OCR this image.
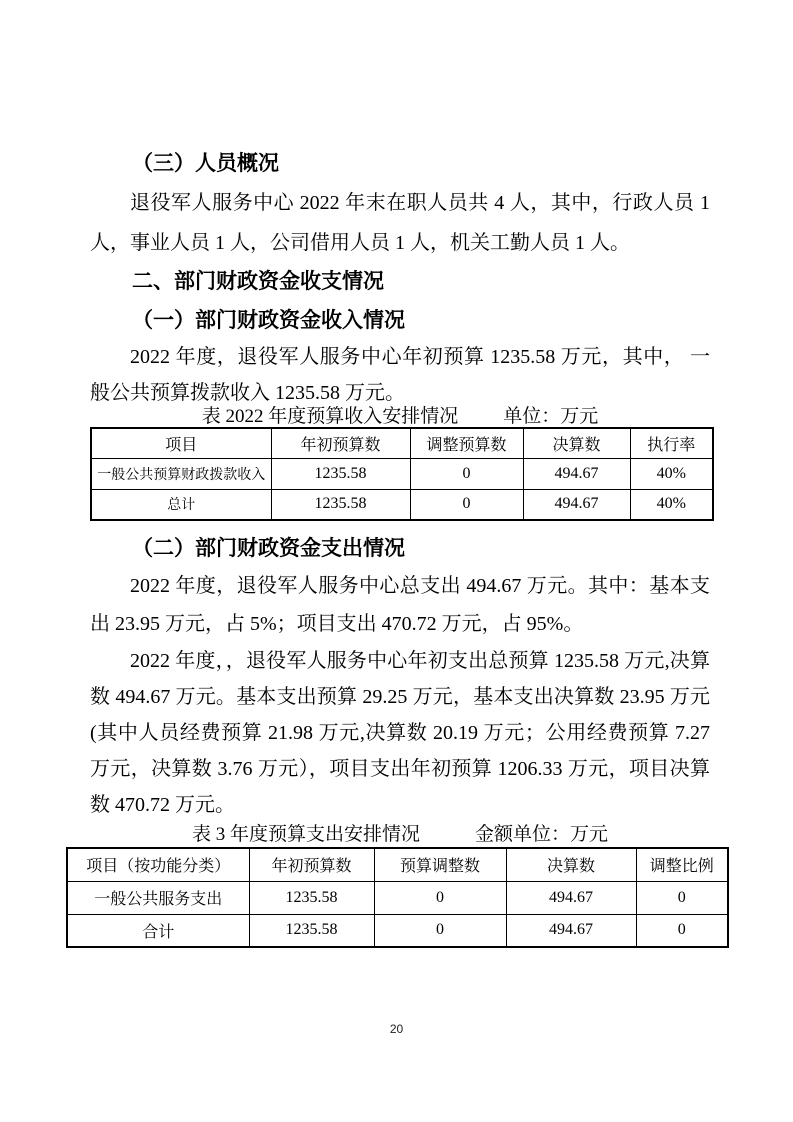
（三）人员概况

退役军人服务中心 2022 年末在职人员共 4 人，其中，行政人员 1 人，事业人员 1 人，公司借用人员 1 人，机关工勤人员 1 人。

二、部门财政资金收支情况
（一）部门财政资金收入情况

2022 年度，退役军人服务中心年初预算 1235.58 万元，其中， 一般公共预算拨款收入 1235.58 万元。

表 2022 年度预算收入安排情况 单位：万元
项目	年初预算数	调整预算数	决算数	执行率
一般公共预算财政拨款收入	1235.58	0	494.67	40%
总计	1235.58	0	494.67	40%
（二）部门财政资金支出情况

2022 年度，退役军人服务中心总支出 494.67 万元。其中：基本支出 23.95 万元，占 5%；项目支出 470.72 万元，占 95%。

2022 年度，，退役军人服务中心年初支出总预算 1235.58 万元,决算数 494.67 万元。基本支出预算 29.25 万元，基本支出决算数 23.95 万元(其中人员经费预算 21.98 万元,决算数 20.19 万元；公用经费预算 7.27 万元，决算数 3.76 万元），项目支出年初预算 1206.33 万元，项目决算数 470.72 万元。

表 3 年度预算支出安排情况	金额单位：万元
项目（按功能分类）	年初预算数	预算调整数	决算数	调整比例
一般公共服务支出	1235.58	0	494.67	0
合计	1235.58	0	494.67	0
20
